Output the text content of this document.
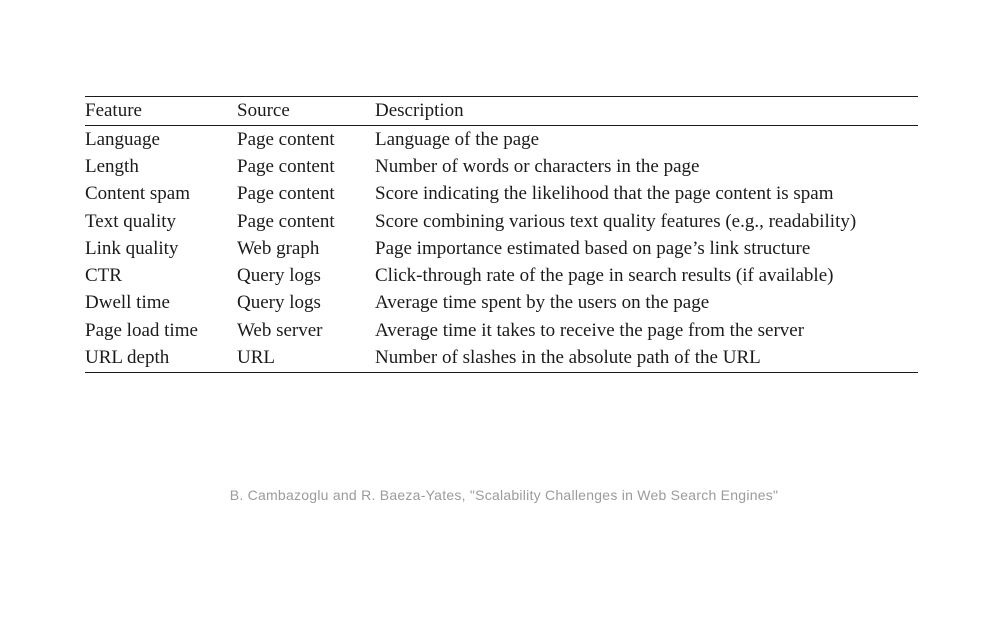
Feature	Source	Description
Language	Page content	Language of the page
Length	Page content	Number of words or characters in the page
Content spam	Page content	Score indicating the likelihood that the page content is spam
Text quality	Page content	Score combining various text quality features (e.g., readability)
Link quality	Web graph	Page importance estimated based on page’s link structure
CTR	Query logs	Click-through rate of the page in search results (if available)
Dwell time	Query logs	Average time spent by the users on the page
Page load time	Web server	Average time it takes to receive the page from the server
URL depth	URL	Number of slashes in the absolute path of the URL
B. Cambazoglu and R. Baeza-Yates, "Scalability Challenges in Web Search Engines"
